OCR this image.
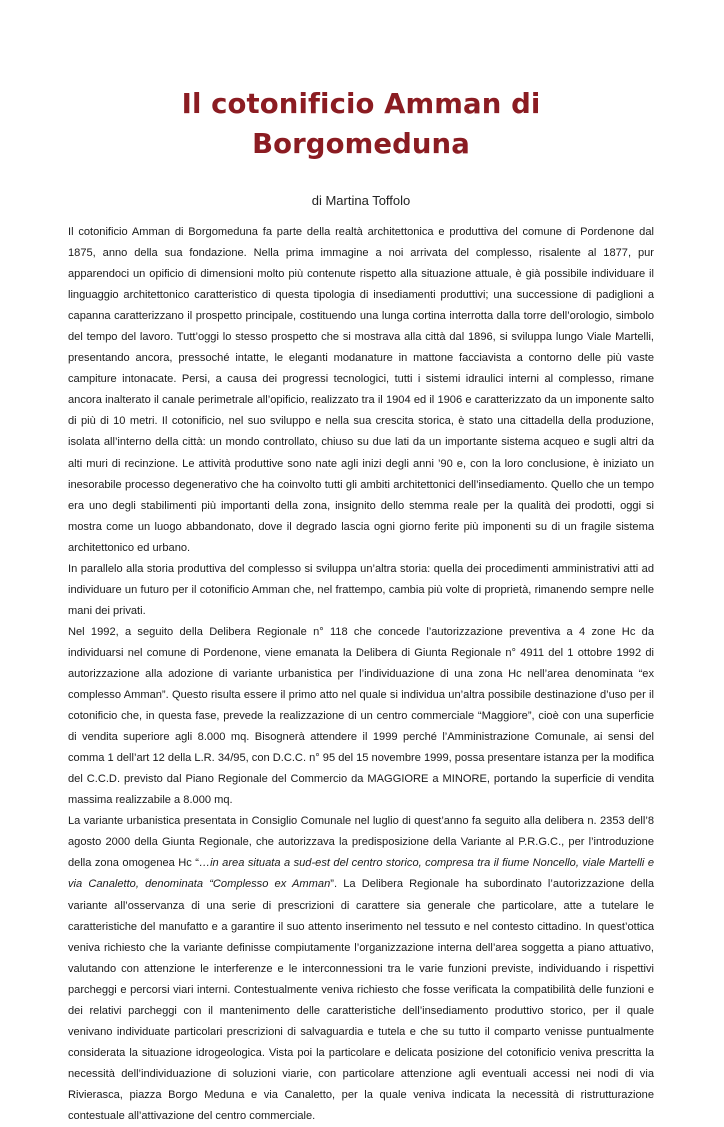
Il cotonificio Amman di Borgomeduna
di Martina Toffolo

Il cotonificio Amman di Borgomeduna fa parte della realtà architettonica e produttiva del comune di Pordenone dal 1875, anno della sua fondazione. Nella prima immagine a noi arrivata del complesso, risalente al 1877, pur apparendoci un opificio di dimensioni molto più contenute rispetto alla situazione attuale, è già possibile individuare il linguaggio architettonico caratteristico di questa tipologia di insediamenti produttivi; una successione di padiglioni a capanna caratterizzano il prospetto principale, costituendo una lunga cortina interrotta dalla torre dell’orologio, simbolo del tempo del lavoro. Tutt’oggi lo stesso prospetto che si mostrava alla città dal 1896, si sviluppa lungo Viale Martelli, presentando ancora, pressoché intatte, le eleganti modanature in mattone facciavista a contorno delle più vaste campiture intonacate. Persi, a causa dei progressi tecnologici, tutti i sistemi idraulici interni al complesso, rimane ancora inalterato il canale perimetrale all’opificio, realizzato tra il 1904 ed il 1906 e caratterizzato da un imponente salto di più di 10 metri. Il cotonificio, nel suo sviluppo e nella sua crescita storica, è stato una cittadella della produzione, isolata all’interno della città: un mondo controllato, chiuso su due lati da un importante sistema acqueo e sugli altri da alti muri di recinzione. Le attività produttive sono nate agli inizi degli anni ’90 e, con la loro conclusione, è iniziato un inesorabile processo degenerativo che ha coinvolto tutti gli ambiti architettonici dell’insediamento. Quello che un tempo era uno degli stabilimenti più importanti della zona, insignito dello stemma reale per la qualità dei prodotti, oggi si mostra come un luogo abbandonato, dove il degrado lascia ogni giorno ferite più imponenti su di un fragile sistema architettonico ed urbano.

In parallelo alla storia produttiva del complesso si sviluppa un’altra storia: quella dei procedimenti amministrativi atti ad individuare un futuro per il cotonificio Amman che, nel frattempo, cambia più volte di proprietà, rimanendo sempre nelle mani dei privati.

Nel 1992, a seguito della Delibera Regionale n° 118 che concede l’autorizzazione preventiva a 4 zone Hc da individuarsi nel comune di Pordenone, viene emanata la Delibera di Giunta Regionale n° 4911 del 1 ottobre 1992 di autorizzazione alla adozione di variante urbanistica per l’individuazione di una zona Hc nell’area denominata “ex complesso Amman”. Questo risulta essere il primo atto nel quale si individua un’altra possibile destinazione d’uso per il cotonificio che, in questa fase, prevede la realizzazione di un centro commerciale “Maggiore”, cioè con una superficie di vendita superiore agli 8.000 mq. Bisognerà attendere il 1999 perché l’Amministrazione Comunale, ai sensi del comma 1 dell’art 12 della L.R. 34/95, con D.C.C. n° 95 del 15 novembre 1999, possa presentare istanza per la modifica del C.C.D. previsto dal Piano Regionale del Commercio da MAGGIORE a MINORE, portando la superficie di vendita massima realizzabile a 8.000 mq.

La variante urbanistica presentata in Consiglio Comunale nel luglio di quest’anno fa seguito alla delibera n. 2353 dell’8 agosto 2000 della Giunta Regionale, che autorizzava la predisposizione della Variante al P.R.G.C., per l’introduzione della zona omogenea Hc “…in area situata a sud-est del centro storico, compresa tra il fiume Noncello, viale Martelli e via Canaletto, denominata “Complesso ex Amman”. La Delibera Regionale ha subordinato l’autorizzazione della variante all’osservanza di una serie di prescrizioni di carattere sia generale che particolare, atte a tutelare le caratteristiche del manufatto e a garantire il suo attento inserimento nel tessuto e nel contesto cittadino. In quest’ottica veniva richiesto che la variante definisse compiutamente l’organizzazione interna dell’area soggetta a piano attuativo, valutando con attenzione le interferenze e le interconnessioni tra le varie funzioni previste, individuando i rispettivi parcheggi e percorsi viari interni. Contestualmente veniva richiesto che fosse verificata la compatibilità delle funzioni e dei relativi parcheggi con il mantenimento delle caratteristiche dell’insediamento produttivo storico, per il quale venivano individuate particolari prescrizioni di salvaguardia e tutela e che su tutto il comparto venisse puntualmente considerata la situazione idrogeologica. Vista poi la particolare e delicata posizione del cotonificio veniva prescritta la necessità dell’individuazione di soluzioni viarie, con particolare attenzione agli eventuali accessi nei nodi di via Rivierasca, piazza Borgo Meduna e via Canaletto, per la quale veniva indicata la necessità di ristrutturazione contestuale all’attivazione del centro commerciale.
